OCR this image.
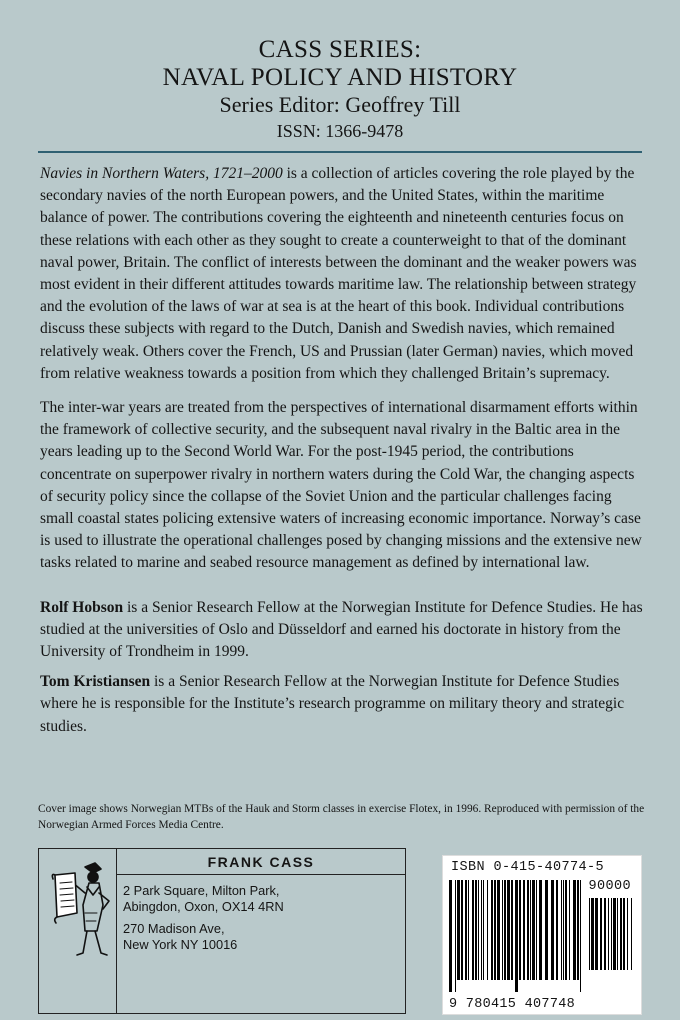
CASS SERIES:
NAVAL POLICY AND HISTORY
Series Editor: Geoffrey Till
ISSN: 1366-9478

Navies in Northern Waters, 1721–2000 is a collection of articles covering the role played by the secondary navies of the north European powers, and the United States, within the maritime balance of power. The contributions covering the eighteenth and nineteenth centuries focus on these relations with each other as they sought to create a counterweight to that of the dominant naval power, Britain. The conflict of interests between the dominant and the weaker powers was most evident in their different attitudes towards maritime law. The relationship between strategy and the evolution of the laws of war at sea is at the heart of this book. Individual contributions discuss these subjects with regard to the Dutch, Danish and Swedish navies, which remained relatively weak. Others cover the French, US and Prussian (later German) navies, which moved from relative weakness towards a position from which they challenged Britain’s supremacy.

The inter-war years are treated from the perspectives of international disarmament efforts within the framework of collective security, and the subsequent naval rivalry in the Baltic area in the years leading up to the Second World War. For the post-1945 period, the contributions concentrate on superpower rivalry in northern waters during the Cold War, the changing aspects of security policy since the collapse of the Soviet Union and the particular challenges facing small coastal states policing extensive waters of increasing economic importance. Norway’s case is used to illustrate the operational challenges posed by changing missions and the extensive new tasks related to marine and seabed resource management as defined by international law.

Rolf Hobson is a Senior Research Fellow at the Norwegian Institute for Defence Studies. He has studied at the universities of Oslo and Düsseldorf and earned his doctorate in history from the University of Trondheim in 1999.

Tom Kristiansen is a Senior Research Fellow at the Norwegian Institute for Defence Studies where he is responsible for the Institute’s research programme on military theory and strategic studies.

Cover image shows Norwegian MTBs of the Hauk and Storm classes in exercise Flotex, in 1996. Reproduced with permission of the Norwegian Armed Forces Media Centre.
FRANK CASS
2 Park Square, Milton Park,
Abingdon, Oxon, OX14 4RN
270 Madison Ave,
New York NY 10016
ISBN 0-415-40774-5
90000
9 780415 407748
